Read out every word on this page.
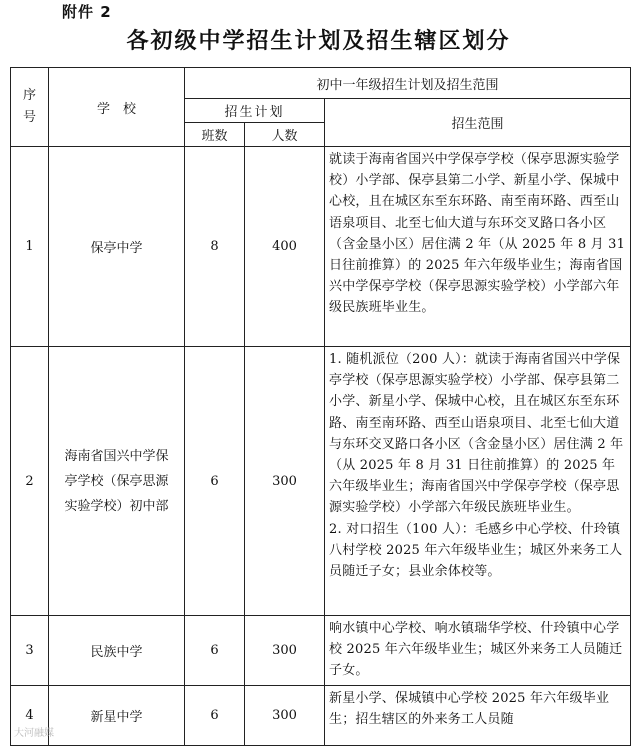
附件 2
各初级中学招生计划及招生辖区划分
序号	学　校	初中一年级招生计划及招生范围		
		招生计划		招生范围
		班数	人数	
1	保亭中学	8	400	就读于海南省国兴中学保亭学校（保亭思源实验学校）小学部、保亭县第二小学、新星小学、保城中心校，且在城区东至东环路、南至南环路、西至山语泉项目、北至七仙大道与东环交叉路口各小区（含金垦小区）居住满 2 年（从 2025 年 8 月 31 日往前推算）的 2025 年六年级毕业生；海南省国兴中学保亭学校（保亭思源实验学校）小学部六年级民族班毕业生。
2	海南省国兴中学保亭学校（保亭思源实验学校）初中部	6	300	1. 随机派位（200 人）：就读于海南省国兴中学保亭学校（保亭思源实验学校）小学部、保亭县第二小学、新星小学、保城中心校，且在城区东至东环路、南至南环路、西至山语泉项目、北至七仙大道与东环交叉路口各小区（含金垦小区）居住满 2 年（从 2025 年 8 月 31 日往前推算）的 2025 年六年级毕业生；海南省国兴中学保亭学校（保亭思源实验学校）小学部六年级民族班毕业生。
2. 对口招生（100 人）：毛感乡中心学校、什玲镇八村学校 2025 年六年级毕业生；城区外来务工人员随迁子女；县业余体校等。

3	民族中学	6	300	响水镇中心学校、响水镇瑞华学校、什玲镇中心学校 2025 年六年级毕业生；城区外来务工人员随迁子女。
4	新星中学	6	300	新星小学、保城镇中心学校 2025 年六年级毕业生；招生辖区的外来务工人员随
大河融媒
